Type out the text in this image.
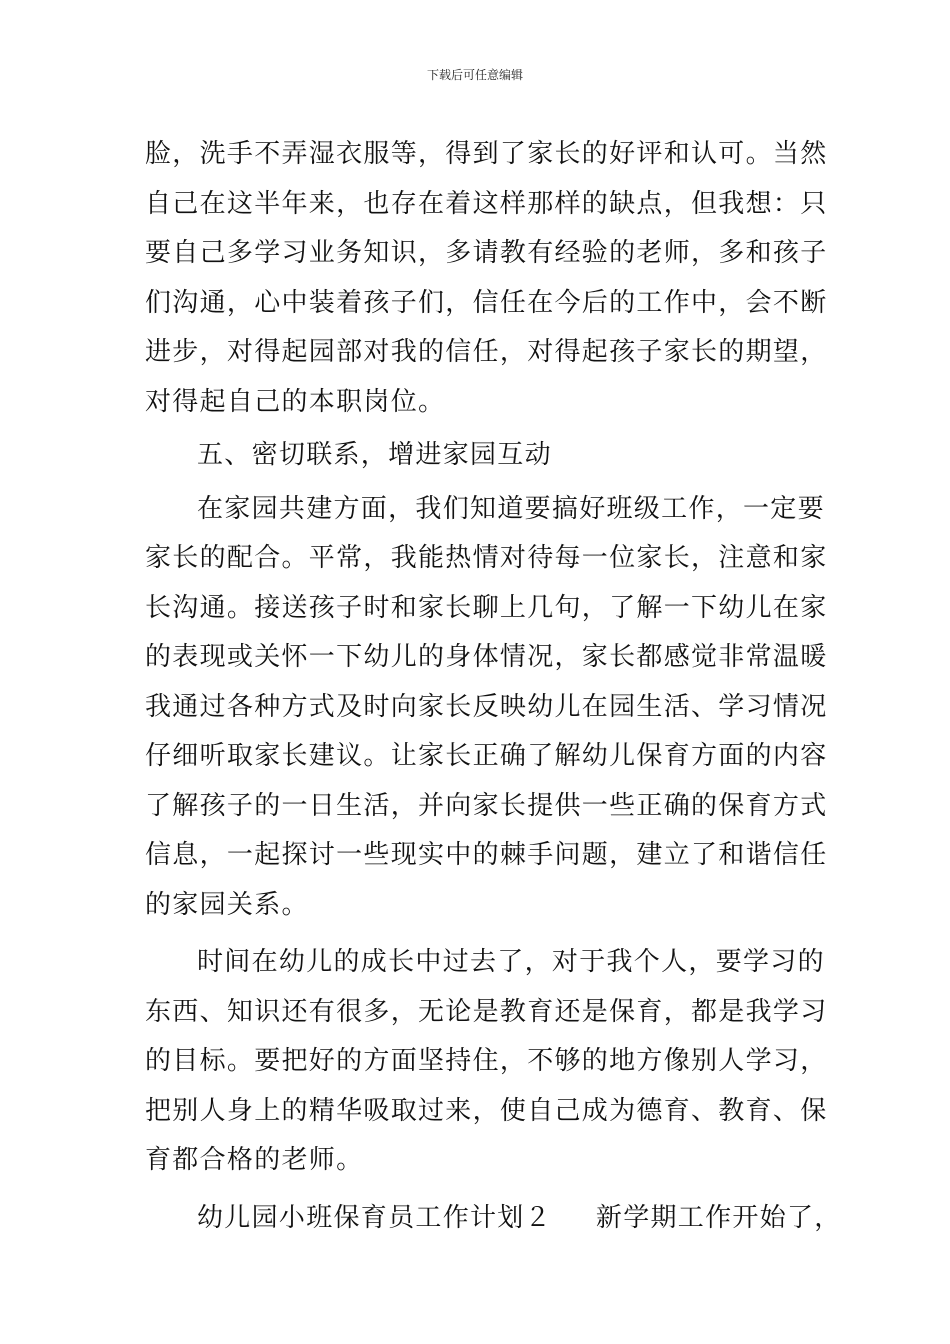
下载后可任意编辑
脸，洗手不弄湿衣服等，得到了家长的好评和认可。当然
自己在这半年来，也存在着这样那样的缺点，但我想：只
要自己多学习业务知识，多请教有经验的老师，多和孩子
们沟通，心中装着孩子们，信任在今后的工作中，会不断
进步，对得起园部对我的信任，对得起孩子家长的期望，
对得起自己的本职岗位。
五、密切联系，增进家园互动
在家园共建方面，我们知道要搞好班级工作，一定要
家长的配合。平常，我能热情对待每一位家长，注意和家
长沟通。接送孩子时和家长聊上几句，了解一下幼儿在家
的表现或关怀一下幼儿的身体情况，家长都感觉非常温暖
我通过各种方式及时向家长反映幼儿在园生活、学习情况
仔细听取家长建议。让家长正确了解幼儿保育方面的内容
了解孩子的一日生活，并向家长提供一些正确的保育方式
信息，一起探讨一些现实中的棘手问题，建立了和谐信任
的家园关系。
时间在幼儿的成长中过去了，对于我个人，要学习的
东西、知识还有很多，无论是教育还是保育，都是我学习
的目标。要把好的方面坚持住，不够的地方像别人学习，
把别人身上的精华吸取过来，使自己成为德育、教育、保
育都合格的老师。
幼儿园小班保育员工作计划２ 新学期工作开始了，
